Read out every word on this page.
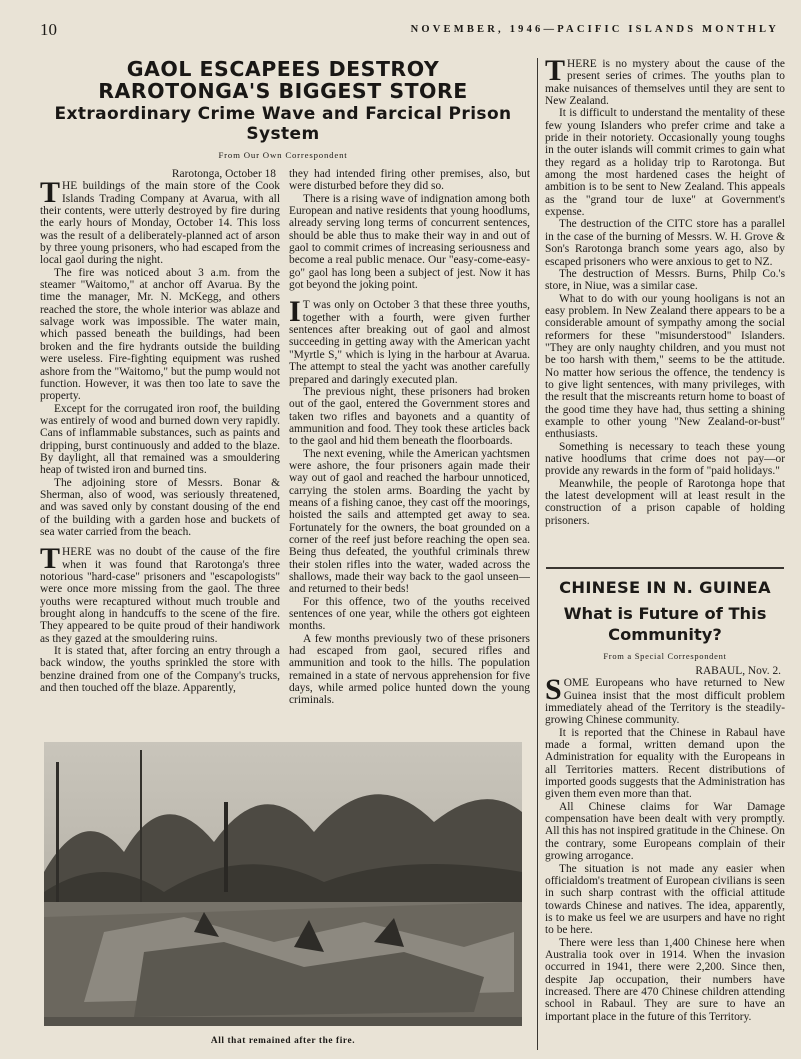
10	NOVEMBER, 1946—PACIFIC ISLANDS MONTHLY
GAOL ESCAPEES DESTROY RAROTONGA'S BIGGEST STORE
Extraordinary Crime Wave and Farcical Prison System
From Our Own Correspondent

Rarotonga, October 18

THE buildings of the main store of the Cook Islands Trading Company at Avarua, with all their contents, were utterly destroyed by fire during the early hours of Monday, October 14. This loss was the result of a deliberately-planned act of arson by three young prisoners, who had escaped from the local gaol during the night.

The fire was noticed about 3 a.m. from the steamer "Waitomo," at anchor off Avarua. By the time the manager, Mr. N. McKegg, and others reached the store, the whole interior was ablaze and salvage work was impossible. The water main, which passed beneath the buildings, had been broken and the fire hydrants outside the building were useless. Fire-fighting equipment was rushed ashore from the "Waitomo," but the pump would not function. However, it was then too late to save the property.

Except for the corrugated iron roof, the building was entirely of wood and burned down very rapidly. Cans of inflammable substances, such as paints and dripping, burst continuously and added to the blaze. By daylight, all that remained was a smouldering heap of twisted iron and burned tins.

The adjoining store of Messrs. Bonar & Sherman, also of wood, was seriously threatened, and was saved only by constant dousing of the end of the building with a garden hose and buckets of sea water carried from the beach.

THERE was no doubt of the cause of the fire when it was found that Rarotonga's three notorious "hard-case" prisoners and "escapologists" were once more missing from the gaol. The three youths were recaptured without much trouble and brought along in handcuffs to the scene of the fire. They appeared to be quite proud of their handiwork as they gazed at the smouldering ruins.

It is stated that, after forcing an entry through a back window, the youths sprinkled the store with benzine drained from one of the Company's trucks, and then touched off the blaze. Apparently,

they had intended firing other premises, also, but were disturbed before they did so.

There is a rising wave of indignation among both European and native residents that young hoodlums, already serving long terms of concurrent sentences, should be able thus to make their way in and out of gaol to commit crimes of increasing seriousness and become a real public menace. Our "easy-come-easy-go" gaol has long been a subject of jest. Now it has got beyond the joking point.

I T was only on October 3 that these three youths, together with a fourth, were given further sentences after breaking out of gaol and almost succeeding in getting away with the American yacht "Myrtle S," which is lying in the harbour at Avarua. The attempt to steal the yacht was another carefully prepared and daringly executed plan.

The previous night, these prisoners had broken out of the gaol, entered the Government stores and taken two rifles and bayonets and a quantity of ammunition and food. They took these articles back to the gaol and hid them beneath the floorboards.

The next evening, while the American yachtsmen were ashore, the four prisoners again made their way out of gaol and reached the harbour unnoticed, carrying the stolen arms. Boarding the yacht by means of a fishing canoe, they cast off the moorings, hoisted the sails and attempted get away to sea. Fortunately for the owners, the boat grounded on a corner of the reef just before reaching the open sea. Being thus defeated, the youthful criminals threw their stolen rifles into the water, waded across the shallows, made their way back to the gaol unseen—and returned to their beds!

For this offence, two of the youths received sentences of one year, while the others got eighteen months.

A few months previously two of these prisoners had escaped from gaol, secured rifles and ammunition and took to the hills. The population remained in a state of nervous apprehension for five days, while armed police hunted down the young criminals.

THERE is no mystery about the cause of the present series of crimes. The youths plan to make nuisances of themselves until they are sent to New Zealand.

It is difficult to understand the mentality of these few young Islanders who prefer crime and take a pride in their notoriety. Occasionally young toughs in the outer islands will commit crimes to gain what they regard as a holiday trip to Rarotonga. But among the most hardened cases the height of ambition is to be sent to New Zealand. This appeals as the "grand tour de luxe" at Government's expense.

The destruction of the CITC store has a parallel in the case of the burning of Messrs. W. H. Grove & Son's Rarotonga branch some years ago, also by escaped prisoners who were anxious to get to NZ.

The destruction of Messrs. Burns, Philp Co.'s store, in Niue, was a similar case.

What to do with our young hooligans is not an easy problem. In New Zealand there appears to be a considerable amount of sympathy among the social reformers for these "misunderstood" Islanders. "They are only naughty children, and you must not be too harsh with them," seems to be the attitude. No matter how serious the offence, the tendency is to give light sentences, with many privileges, with the result that the miscreants return home to boast of the good time they have had, thus setting a shining example to other young "New Zealand-or-bust" enthusiasts.

Something is necessary to teach these young native hoodlums that crime does not pay—or provide any rewards in the form of "paid holidays."

Meanwhile, the people of Rarotonga hope that the latest development will at least result in the construction of a prison capable of holding prisoners.

All that remained after the fire.
CHINESE IN N. GUINEA
What is Future of This Community?
From a Special Correspondent

RABAUL, Nov. 2.

SOME Europeans who have returned to New Guinea insist that the most difficult problem immediately ahead of the Territory is the steadily-growing Chinese community.

It is reported that the Chinese in Rabaul have made a formal, written demand upon the Administration for equality with the Europeans in all Territories matters. Recent distributions of imported goods suggests that the Administration has given them even more than that.

All Chinese claims for War Damage compensation have been dealt with very promptly. All this has not inspired gratitude in the Chinese. On the contrary, some Europeans complain of their growing arrogance.

The situation is not made any easier when officialdom's treatment of European civilians is seen in such sharp contrast with the official attitude towards Chinese and natives. The idea, apparently, is to make us feel we are usurpers and have no right to be here.

There were less than 1,400 Chinese here when Australia took over in 1914. When the invasion occurred in 1941, there were 2,200. Since then, despite Jap occupation, their numbers have increased. There are 470 Chinese children attending school in Rabaul. They are sure to have an important place in the future of this Territory.
